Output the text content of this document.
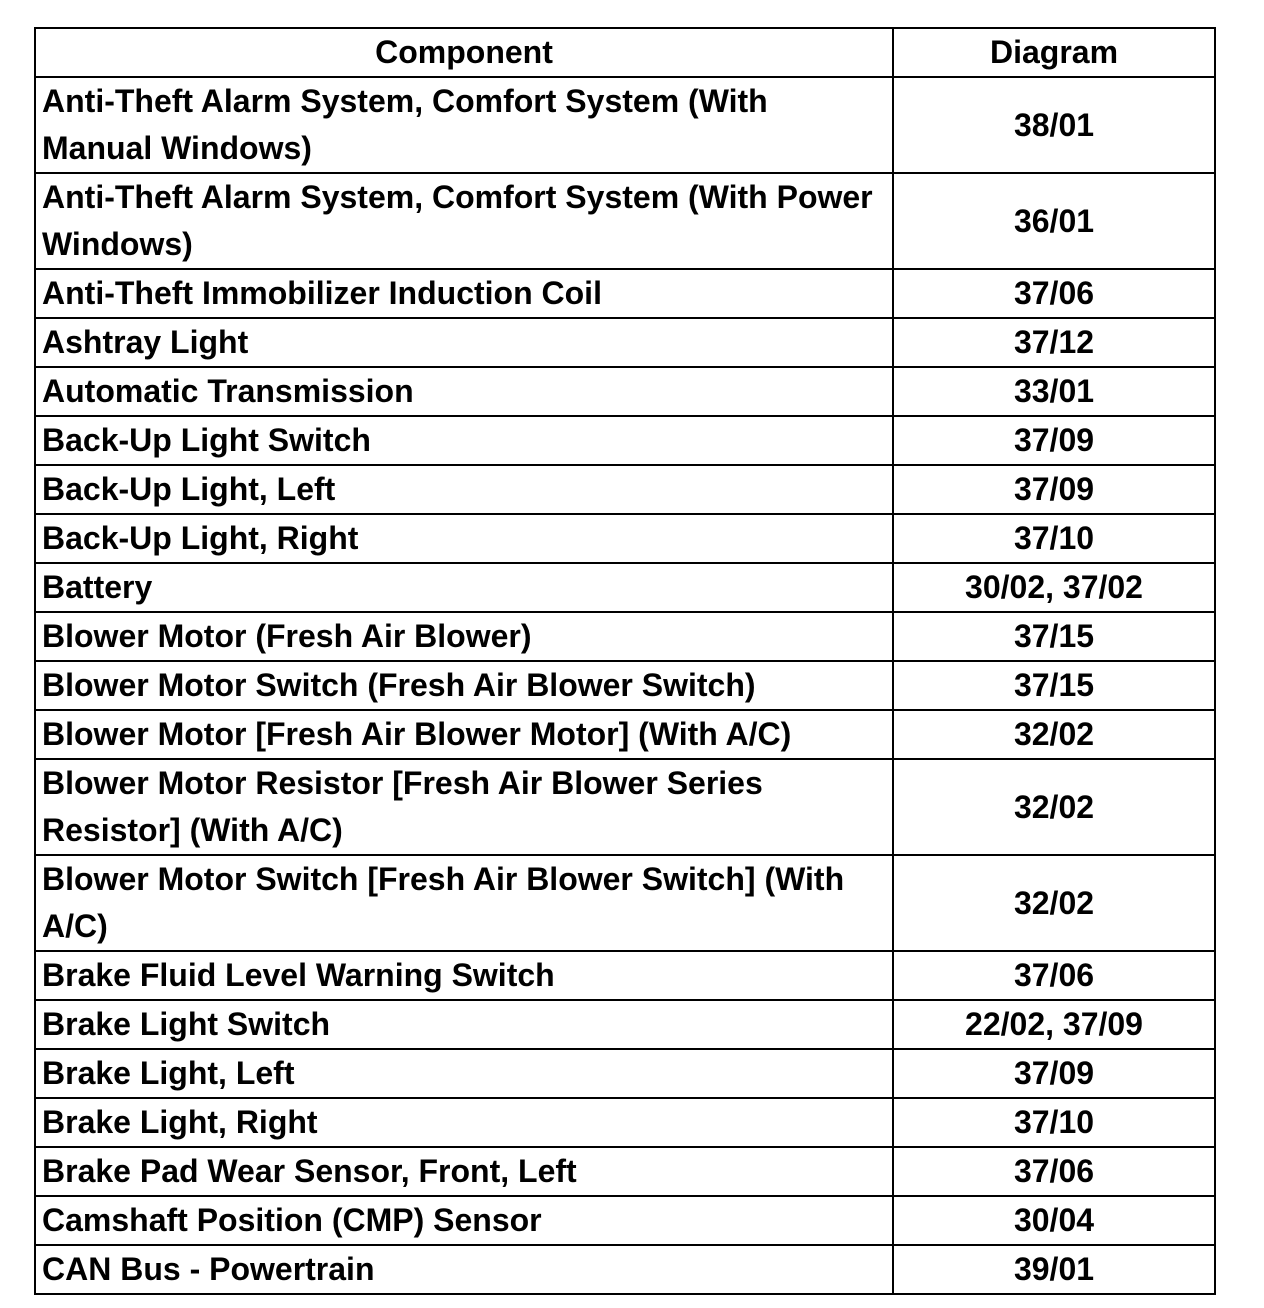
Component	Diagram
Anti-Theft Alarm System, Comfort System (With Manual Windows)	38/01
Anti-Theft Alarm System, Comfort System (With Power Windows)	36/01
Anti-Theft Immobilizer Induction Coil	37/06
Ashtray Light	37/12
Automatic Transmission	33/01
Back-Up Light Switch	37/09
Back-Up Light, Left	37/09
Back-Up Light, Right	37/10
Battery	30/02, 37/02
Blower Motor (Fresh Air Blower)	37/15
Blower Motor Switch (Fresh Air Blower Switch)	37/15
Blower Motor [Fresh Air Blower Motor] (With A/C)	32/02
Blower Motor Resistor [Fresh Air Blower Series Resistor] (With A/C)	32/02
Blower Motor Switch [Fresh Air Blower Switch] (With A/C)	32/02
Brake Fluid Level Warning Switch	37/06
Brake Light Switch	22/02, 37/09
Brake Light, Left	37/09
Brake Light, Right	37/10
Brake Pad Wear Sensor, Front, Left	37/06
Camshaft Position (CMP) Sensor	30/04
CAN Bus - Powertrain	39/01
